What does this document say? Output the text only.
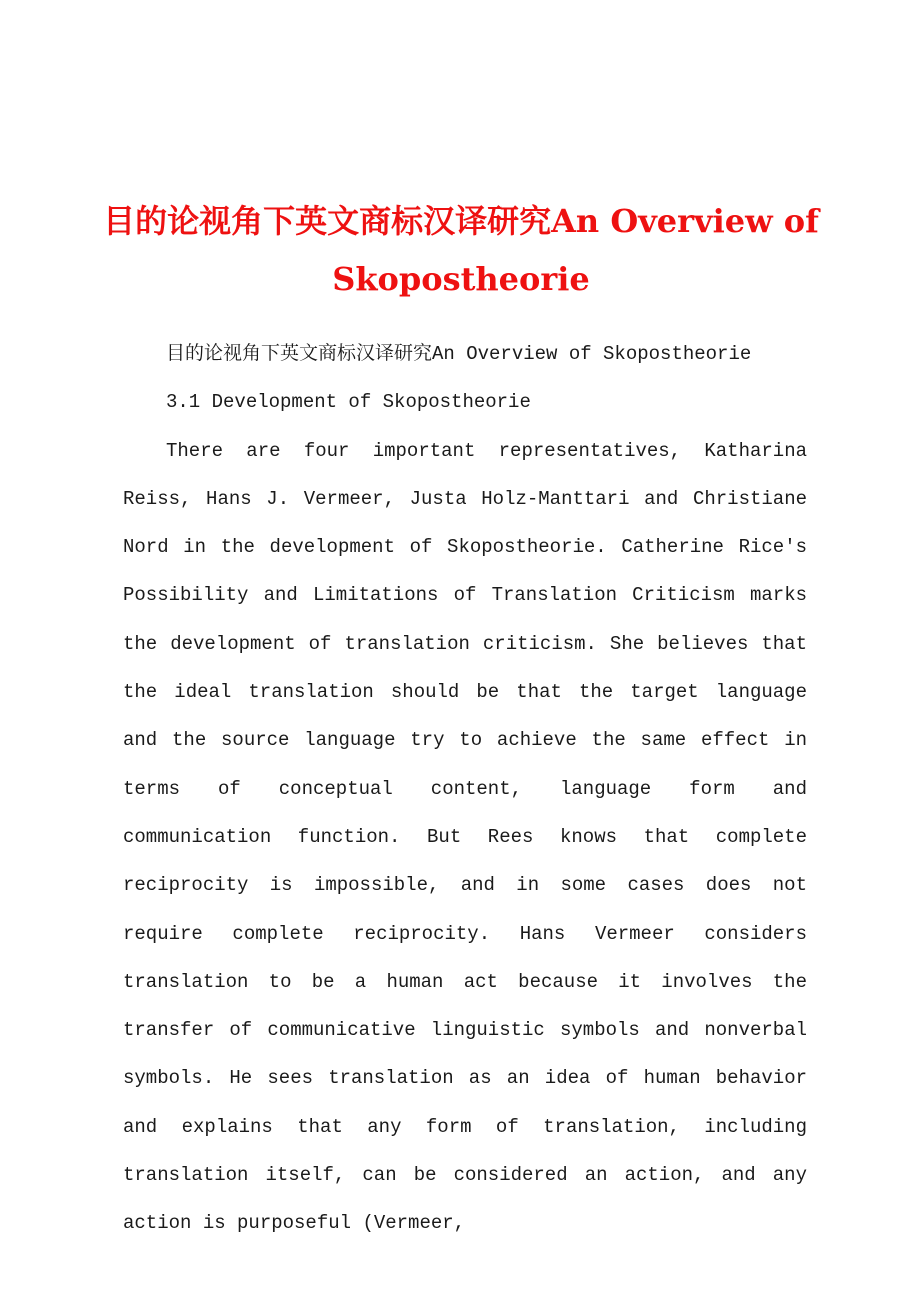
目的论视角下英文商标汉译研究An Overview of Skopostheorie

目的论视角下英文商标汉译研究An Overview of Skopostheorie

3.1 Development of Skopostheorie

There are four important representatives, Katharina Reiss, Hans J. Vermeer, Justa Holz-Manttari and Christiane Nord in the development of Skopostheorie. Catherine Rice's Possibility and Limitations of Translation Criticism marks the development of translation criticism. She believes that the ideal translation should be that the target language and the source language try to achieve the same effect in terms of conceptual content, language form and communication function. But Rees knows that complete reciprocity is impossible, and in some cases does not require complete reciprocity. Hans Vermeer considers translation to be a human act because it involves the transfer of communicative linguistic symbols and nonverbal symbols. He sees translation as an idea of human behavior and explains that any form of translation, including translation itself, can be considered an action, and any action is purposeful (Vermeer,
